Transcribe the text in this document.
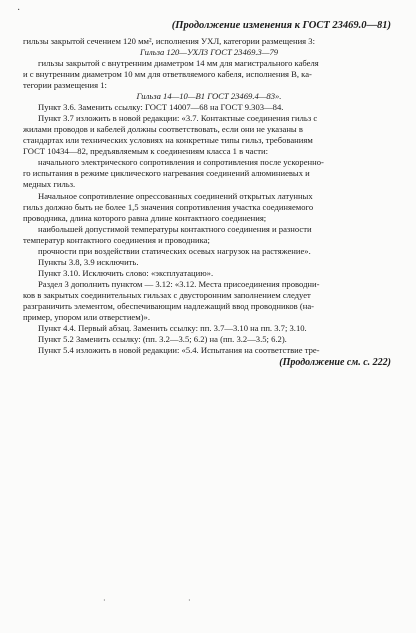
·
(Продолжение изменения к ГОСТ 23469.0—81)
гильзы закрытой сечением 120 мм², исполнения УХЛ, категории размещения 3:
Гильза 120—УХЛ3 ГОСТ 23469.3—79
гильзы закрытой с внутренним диаметром 14 мм для магистрального кабеля
и с внутренним диаметром 10 мм для ответвляемого кабеля, исполнения В, ка-
тегории размещения 1:
Гильза 14—10—В1 ГОСТ 23469.4—83».
Пункт 3.6. Заменить ссылку: ГОСТ 14007—68 на ГОСТ 9.303—84.
Пункт 3.7 изложить в новой редакции: «3.7. Контактные соединения гильз с
жилами проводов и кабелей должны соответствовать, если они не указаны в
стандартах или технических условиях на конкретные типы гильз, требованиям
ГОСТ 10434—82, предъявляемым к соединениям класса 1 в части:
начального электрического сопротивления и сопротивления после ускоренно-
го испытания в режиме циклического нагревания соединений алюминиевых и
медных гильз.
Начальное сопротивление опрессованных соединений открытых латунных
гильз должно быть не более 1,5 значения сопротивления участка соединяемого
проводника, длина которого равна длине контактного соединения;
наибольшей допустимой температуры контактного соединения и разности
температур контактного соединения и проводника;
прочности при воздействии статических осевых нагрузок на растяжение».
Пункты 3.8, 3.9 исключить.
Пункт 3.10. Исключить слово: «эксплуатацию».
Раздел 3 дополнить пунктом — 3.12: «3.12. Места присоединения проводни-
ков в закрытых соединительных гильзах с двусторонним заполнением следует
разграничить элементом, обеспечивающим надлежащий ввод проводников (на-
пример, упором или отверстием)».
Пункт 4.4. Первый абзац. Заменить ссылку: пп. 3.7—3.10 на пп. 3.7; 3.10.
Пункт 5.2 Заменить ссылку: (пп. 3.2—3.5; 6.2) на (пп. 3.2—3.5; 6.2).
Пункт 5.4 изложить в новой редакции: «5.4. Испытания на соответствие тре-
(Продолжение см. с. 222)
·	·
